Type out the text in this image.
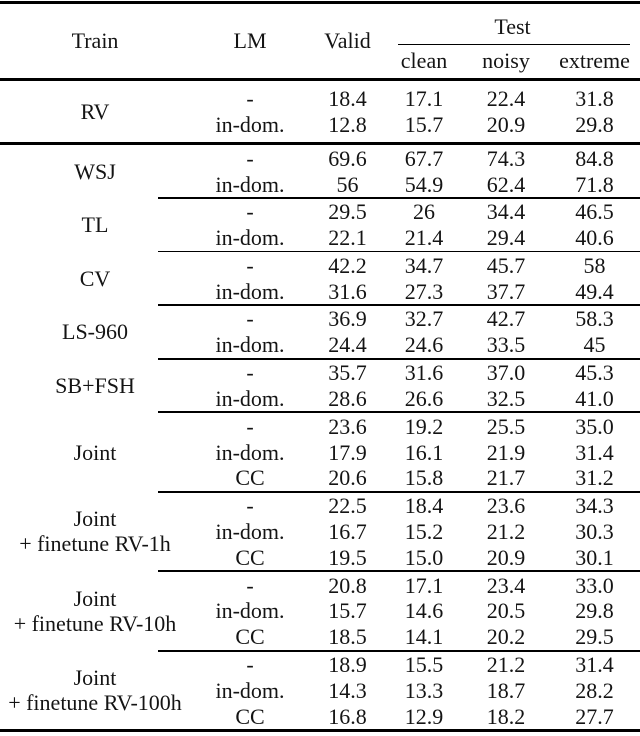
Train	LM	Valid
Test
clean	noisy	extreme
RV
-	18.4	17.1	22.4	31.8
in-dom.	12.8	15.7	20.9	29.8
WSJ
-	69.6	67.7	74.3	84.8
in-dom.	56	54.9	62.4	71.8
TL
-	29.5	26	34.4	46.5
in-dom.	22.1	21.4	29.4	40.6
CV
-	42.2	34.7	45.7	58
in-dom.	31.6	27.3	37.7	49.4
LS-960
-	36.9	32.7	42.7	58.3
in-dom.	24.4	24.6	33.5	45
SB+FSH
-	35.7	31.6	37.0	45.3
in-dom.	28.6	26.6	32.5	41.0
Joint
-	23.6	19.2	25.5	35.0
in-dom.	17.9	16.1	21.9	31.4
CC	20.6	15.8	21.7	31.2
Joint
+ finetune RV-1h
-	22.5	18.4	23.6	34.3
in-dom.	16.7	15.2	21.2	30.3
CC	19.5	15.0	20.9	30.1
Joint
+ finetune RV-10h
-	20.8	17.1	23.4	33.0
in-dom.	15.7	14.6	20.5	29.8
CC	18.5	14.1	20.2	29.5
Joint
+ finetune RV-100h
-	18.9	15.5	21.2	31.4
in-dom.	14.3	13.3	18.7	28.2
CC	16.8	12.9	18.2	27.7
